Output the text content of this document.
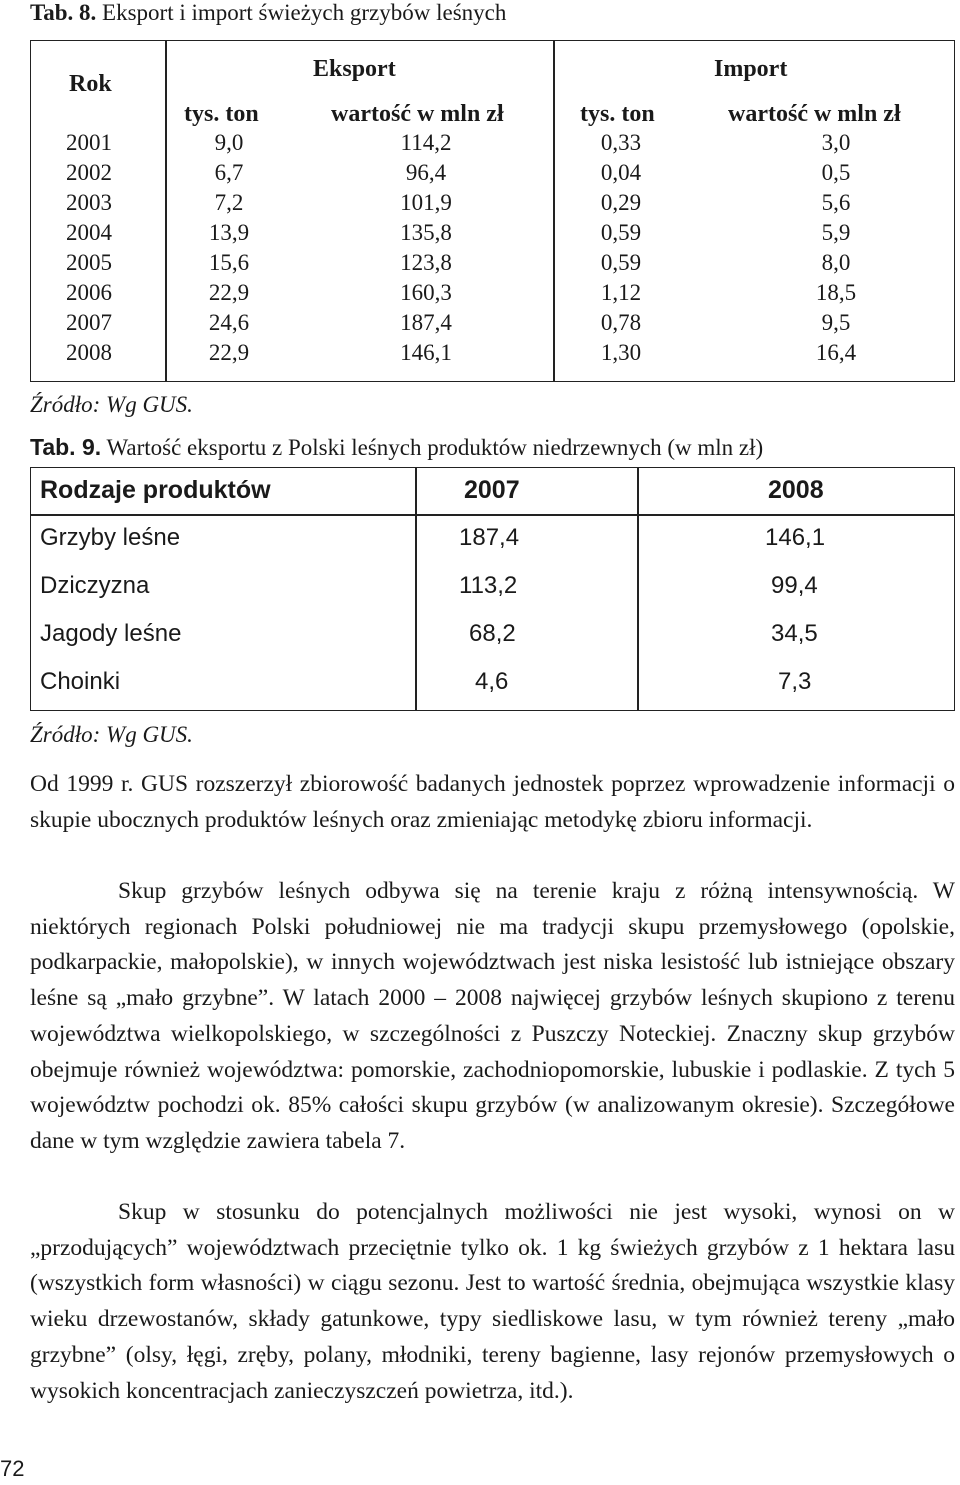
Tab. 8. Eksport i import świeżych grzybów leśnych
Rok
Eksport	Import
tys. ton	wartość w mln zł	tys. ton	wartość w mln zł
2001	9,0	114,2	0,33	3,0
2002	6,7	96,4	0,04	0,5
2003	7,2	101,9	0,29	5,6
2004	13,9	135,8	0,59	5,9
2005	15,6	123,8	0,59	8,0
2006	22,9	160,3	1,12	18,5
2007	24,6	187,4	0,78	9,5
2008	22,9	146,1	1,30	16,4
Źródło: Wg GUS.
Tab. 9. Wartość eksportu z Polski leśnych produktów niedrzewnych (w mln zł)
Rodzaje produktów	2007	2008
Grzyby leśne	187,4	146,1
Dziczyzna	113,2	99,4
Jagody leśne	68,2	34,5
Choinki	4,6	7,3
Źródło: Wg GUS.

Od 1999 r. GUS rozszerzył zbiorowość badanych jednostek poprzez wprowadzenie informacji o skupie ubocznych produktów leśnych oraz zmieniając metodykę zbioru informacji.

Skup grzybów leśnych odbywa się na terenie kraju z różną intensywnością. W niektórych regionach Polski południowej nie ma tradycji skupu przemysłowego (opolskie, podkarpackie, małopolskie), w innych województwach jest niska lesistość lub istniejące obszary leśne są „mało grzybne”. W latach 2000 – 2008 najwięcej grzybów leśnych skupiono z terenu województwa wielkopolskiego, w szczególności z Puszczy Noteckiej. Znaczny skup grzybów obejmuje również województwa: pomorskie, zachodniopomorskie, lubuskie i podlaskie. Z tych 5 województw pochodzi ok. 85% całości skupu grzybów (w analizowanym okresie). Szczegółowe dane w tym względzie zawiera tabela 7.

Skup w stosunku do potencjalnych możliwości nie jest wysoki, wynosi on w „przodujących” województwach przeciętnie tylko ok. 1 kg świeżych grzybów z 1 hektara lasu (wszystkich form własności) w ciągu sezonu. Jest to wartość średnia, obejmująca wszystkie klasy wieku drzewostanów, składy gatunkowe, typy siedliskowe lasu, w tym również tereny „mało grzybne” (olsy, łęgi, zręby, polany, młodniki, tereny bagienne, lasy rejonów przemysłowych o wysokich koncentracjach zanieczyszczeń powietrza, itd.).

72
